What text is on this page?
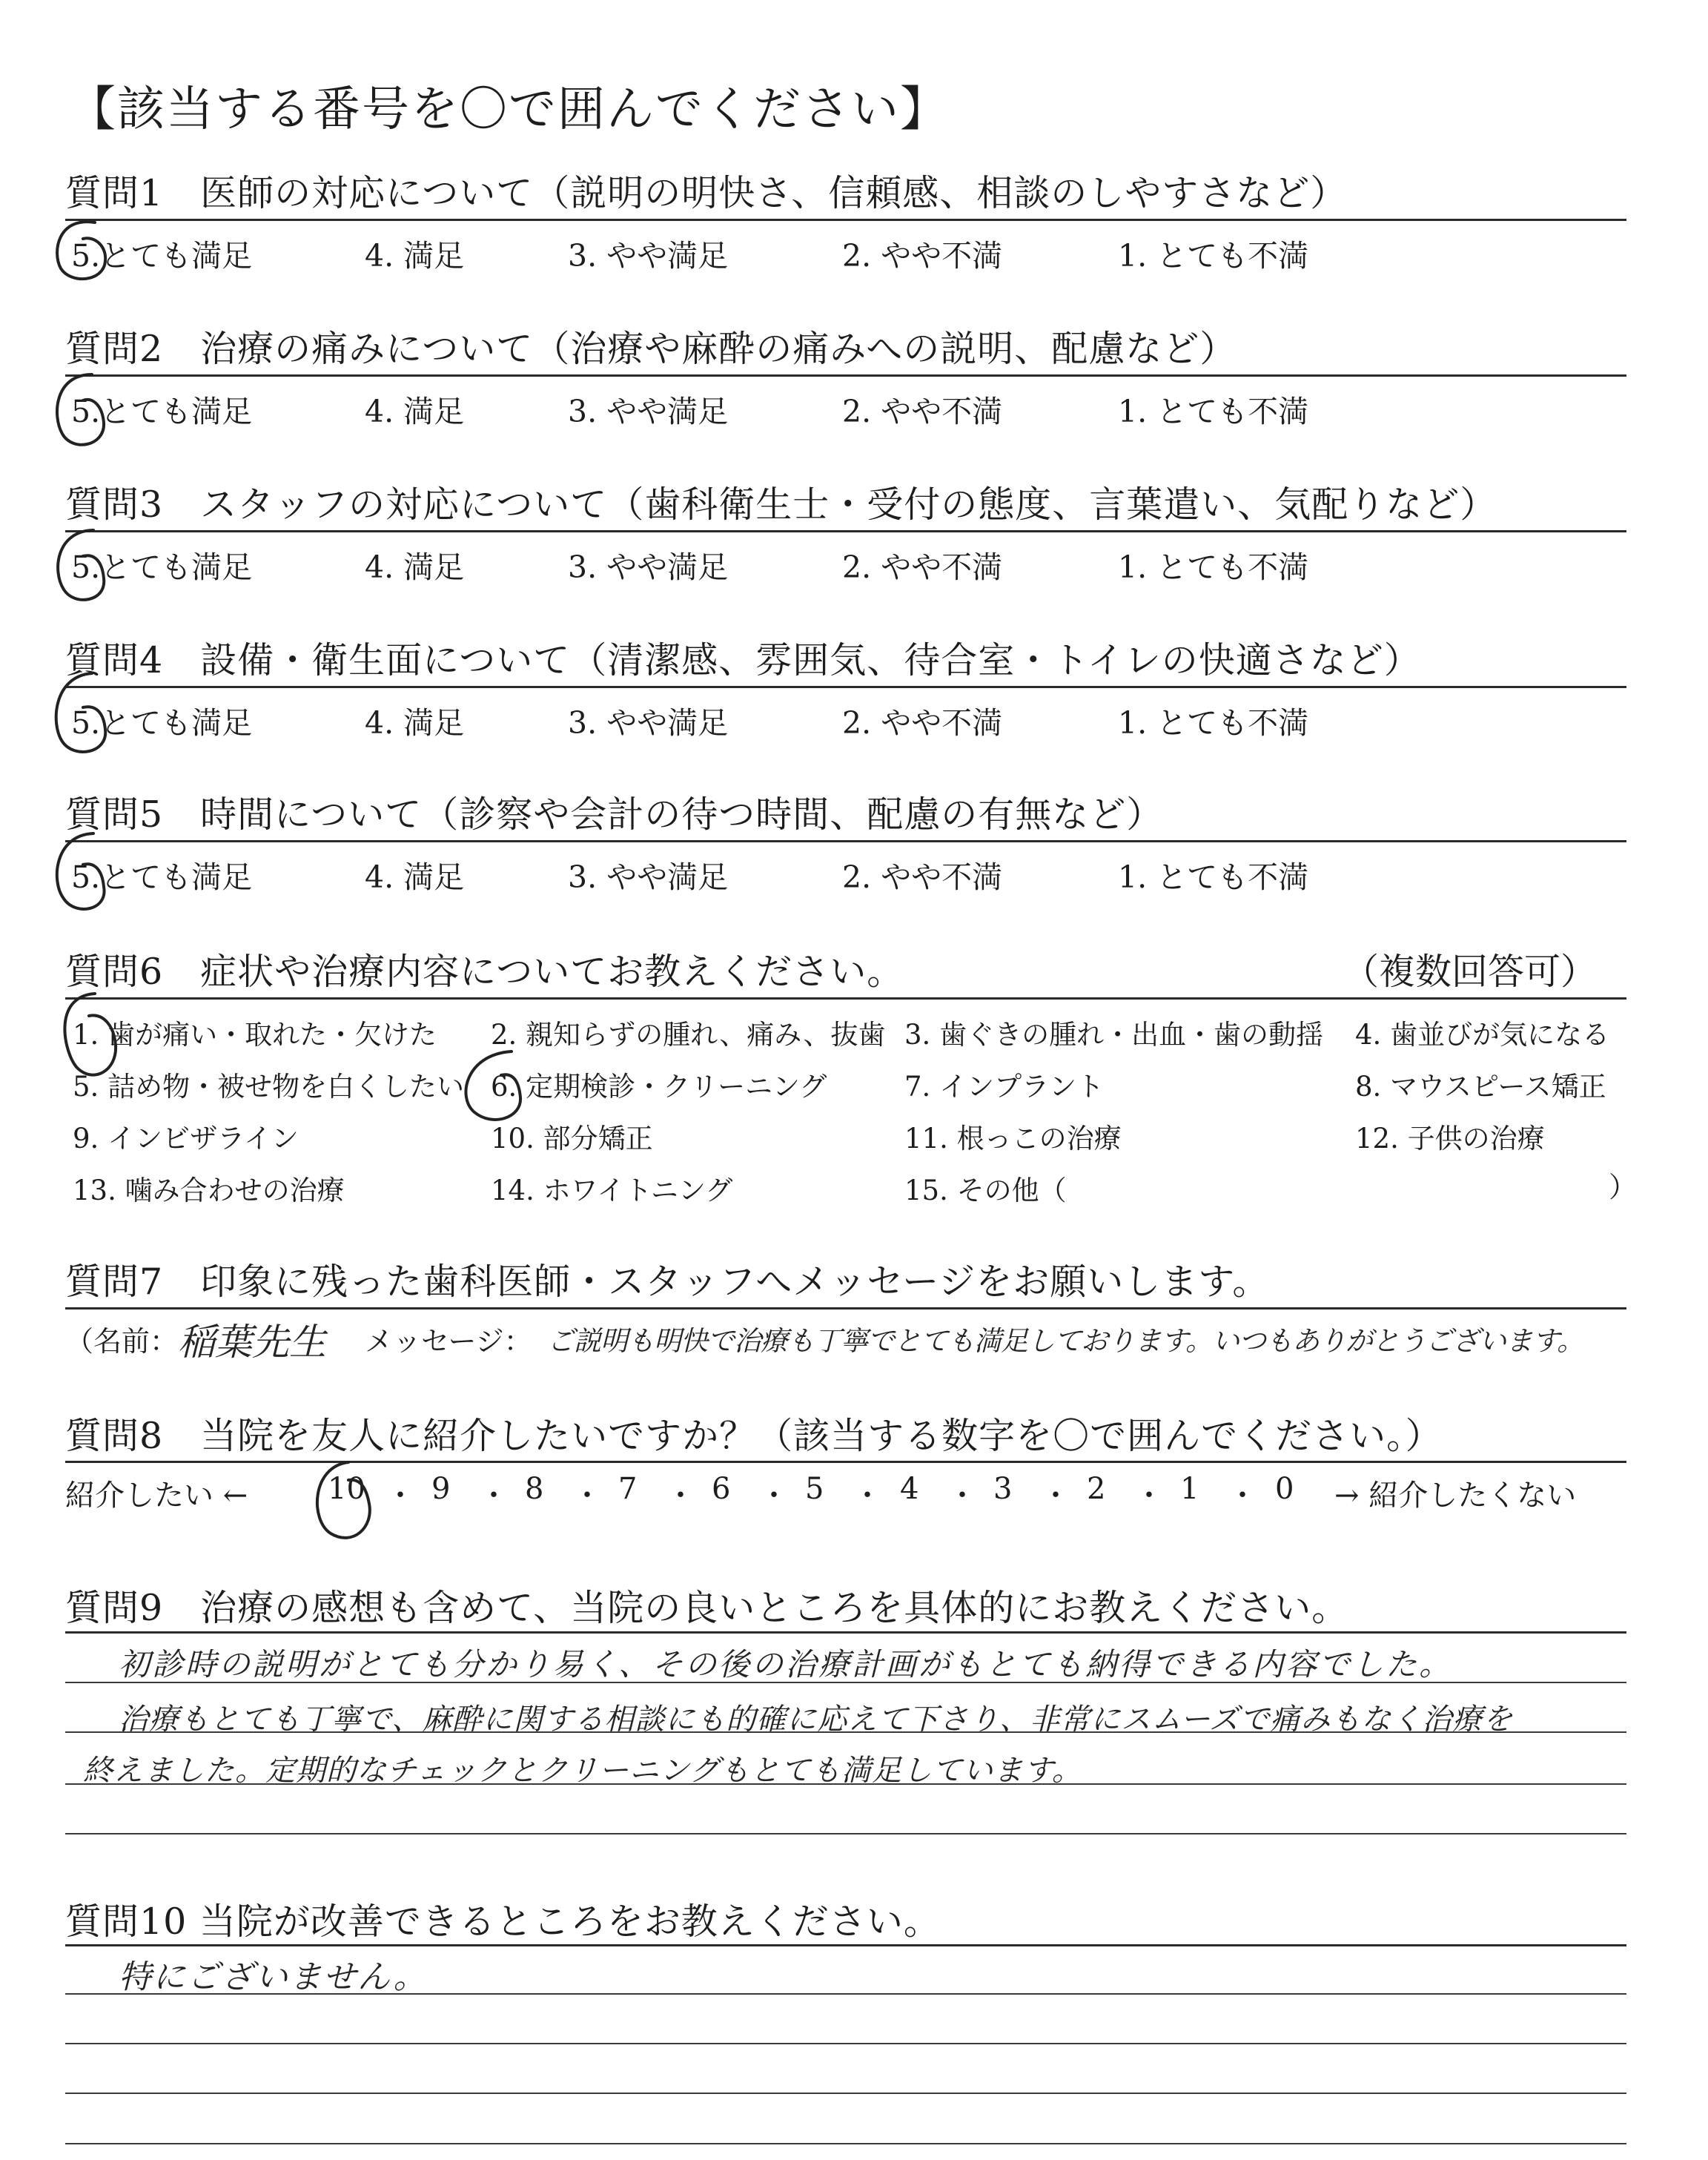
【該当する番号を〇で囲んでください】
質問1　医師の対応について（説明の明快さ、信頼感、相談のしやすさなど）
5.とても満足	4. 満足	3. やや満足	2. やや不満	1. とても不満
質問2　治療の痛みについて（治療や麻酔の痛みへの説明、配慮など）
5.とても満足	4. 満足	3. やや満足	2. やや不満	1. とても不満
質問3　スタッフの対応について（歯科衛生士・受付の態度、言葉遣い、気配りなど）
5.とても満足	4. 満足	3. やや満足	2. やや不満	1. とても不満
質問4　設備・衛生面について（清潔感、雰囲気、待合室・トイレの快適さなど）
5.とても満足	4. 満足	3. やや満足	2. やや不満	1. とても不満
質問5　時間について（診察や会計の待つ時間、配慮の有無など）
5.とても満足	4. 満足	3. やや満足	2. やや不満	1. とても不満
質問6　症状や治療内容についてお教えください。	（複数回答可）
1. 歯が痛い・取れた・欠けた 2. 親知らずの腫れ、痛み、抜歯 3. 歯ぐきの腫れ・出血・歯の動揺 4. 歯並びが気になる
5. 詰め物・被せ物を白くしたい 6. 定期検診・クリーニング	7. インプラント	8. マウスピース矯正
9. インビザライン	10. 部分矯正	11. 根っこの治療	12. 子供の治療
13. 噛み合わせの治療	14. ホワイトニング	15. その他（	）
質問7　印象に残った歯科医師・スタッフへメッセージをお願いします。
（名前： 稲葉先生 メッセージ： ご説明も明快で治療も丁寧でとても満足しております。いつもありがとうございます。
質問8　当院を友人に紹介したいですか？（該当する数字を〇で囲んでください。）
紹介したい ←	10 ・ 9 ・ 8 ・ 7 ・ 6 ・ 5 ・ 4 ・ 3 ・ 2 ・ 1 ・ 0 → 紹介したくない
質問9　治療の感想も含めて、当院の良いところを具体的にお教えください。
初診時の説明がとても分かり易く、その後の治療計画がもとても納得できる内容でした。
治療もとても丁寧で、麻酔に関する相談にも的確に応えて下さり、非常にスムーズで痛みもなく治療を
終えました。定期的なチェックとクリーニングもとても満足しています。
質問10 当院が改善できるところをお教えください。
特にございません。
